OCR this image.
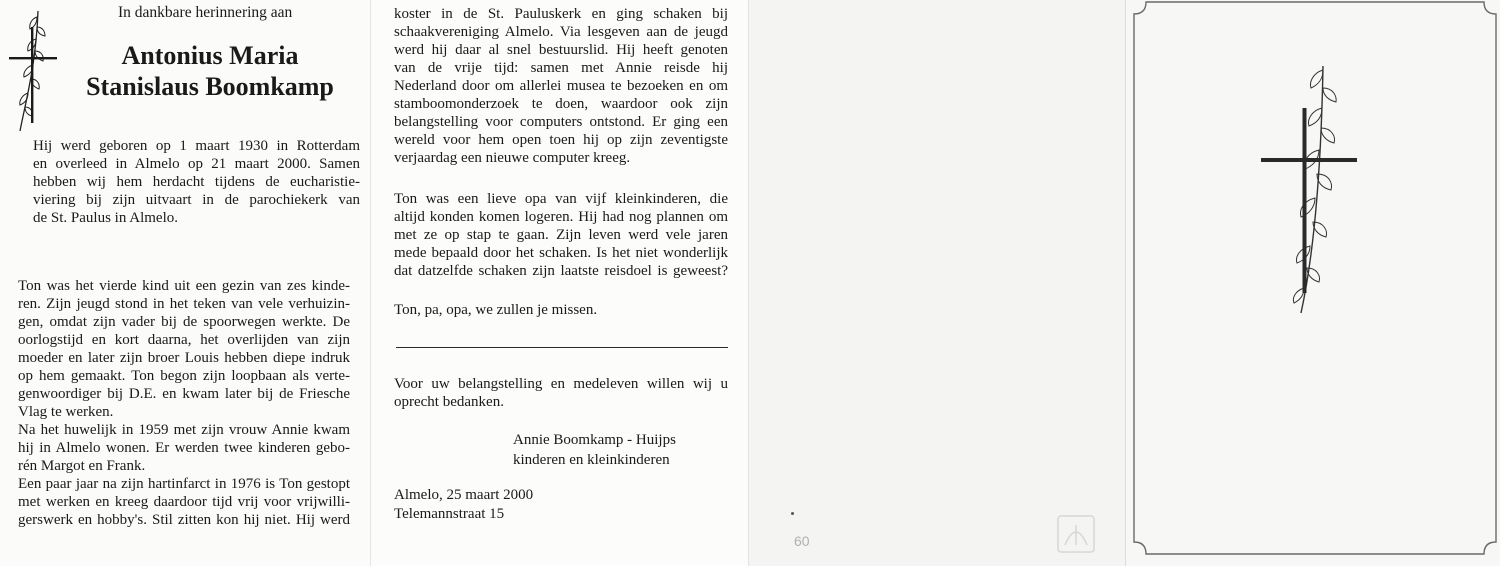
In dankbare herinnering aan
Antonius Maria
Stanislaus Boomkamp
Hij werd geboren op 1 maart 1930 in Rotterdam
en overleed in Almelo op 21 maart 2000. Samen
hebben wij hem herdacht tijdens de eucharistie-
viering bij zijn uitvaart in de parochiekerk van
de St. Paulus in Almelo.
Ton was het vierde kind uit een gezin van zes kinde-
ren. Zijn jeugd stond in het teken van vele verhuizin-
gen, omdat zijn vader bij de spoorwegen werkte. De
oorlogstijd en kort daarna, het overlijden van zijn
moeder en later zijn broer Louis hebben diepe indruk
op hem gemaakt. Ton begon zijn loopbaan als verte-
genwoordiger bij D.E. en kwam later bij de Friesche
Vlag te werken.
Na het huwelijk in 1959 met zijn vrouw Annie kwam
hij in Almelo wonen. Er werden twee kinderen gebo-
rén Margot en Frank.
Een paar jaar na zijn hartinfarct in 1976 is Ton gestopt
met werken en kreeg daardoor tijd vrij voor vrijwilli-
gerswerk en hobby's. Stil zitten kon hij niet. Hij werd
koster in de St. Pauluskerk en ging schaken bij
schaakvereniging Almelo. Via lesgeven aan de jeugd
werd hij daar al snel bestuurslid. Hij heeft genoten
van de vrije tijd: samen met Annie reisde hij
Nederland door om allerlei musea te bezoeken en om
stamboomonderzoek te doen, waardoor ook zijn
belangstelling voor computers ontstond. Er ging een
wereld voor hem open toen hij op zijn zeventigste
verjaardag een nieuwe computer kreeg.
Ton was een lieve opa van vijf kleinkinderen, die
altijd konden komen logeren. Hij had nog plannen om
met ze op stap te gaan. Zijn leven werd vele jaren
mede bepaald door het schaken. Is het niet wonderlijk
dat datzelfde schaken zijn laatste reisdoel is geweest?
Ton, pa, opa, we zullen je missen.
Voor uw belangstelling en medeleven willen wij u
oprecht bedanken.
Annie Boomkamp - Huijps
kinderen en kleinkinderen
Almelo, 25 maart 2000
Telemannstraat 15
60
